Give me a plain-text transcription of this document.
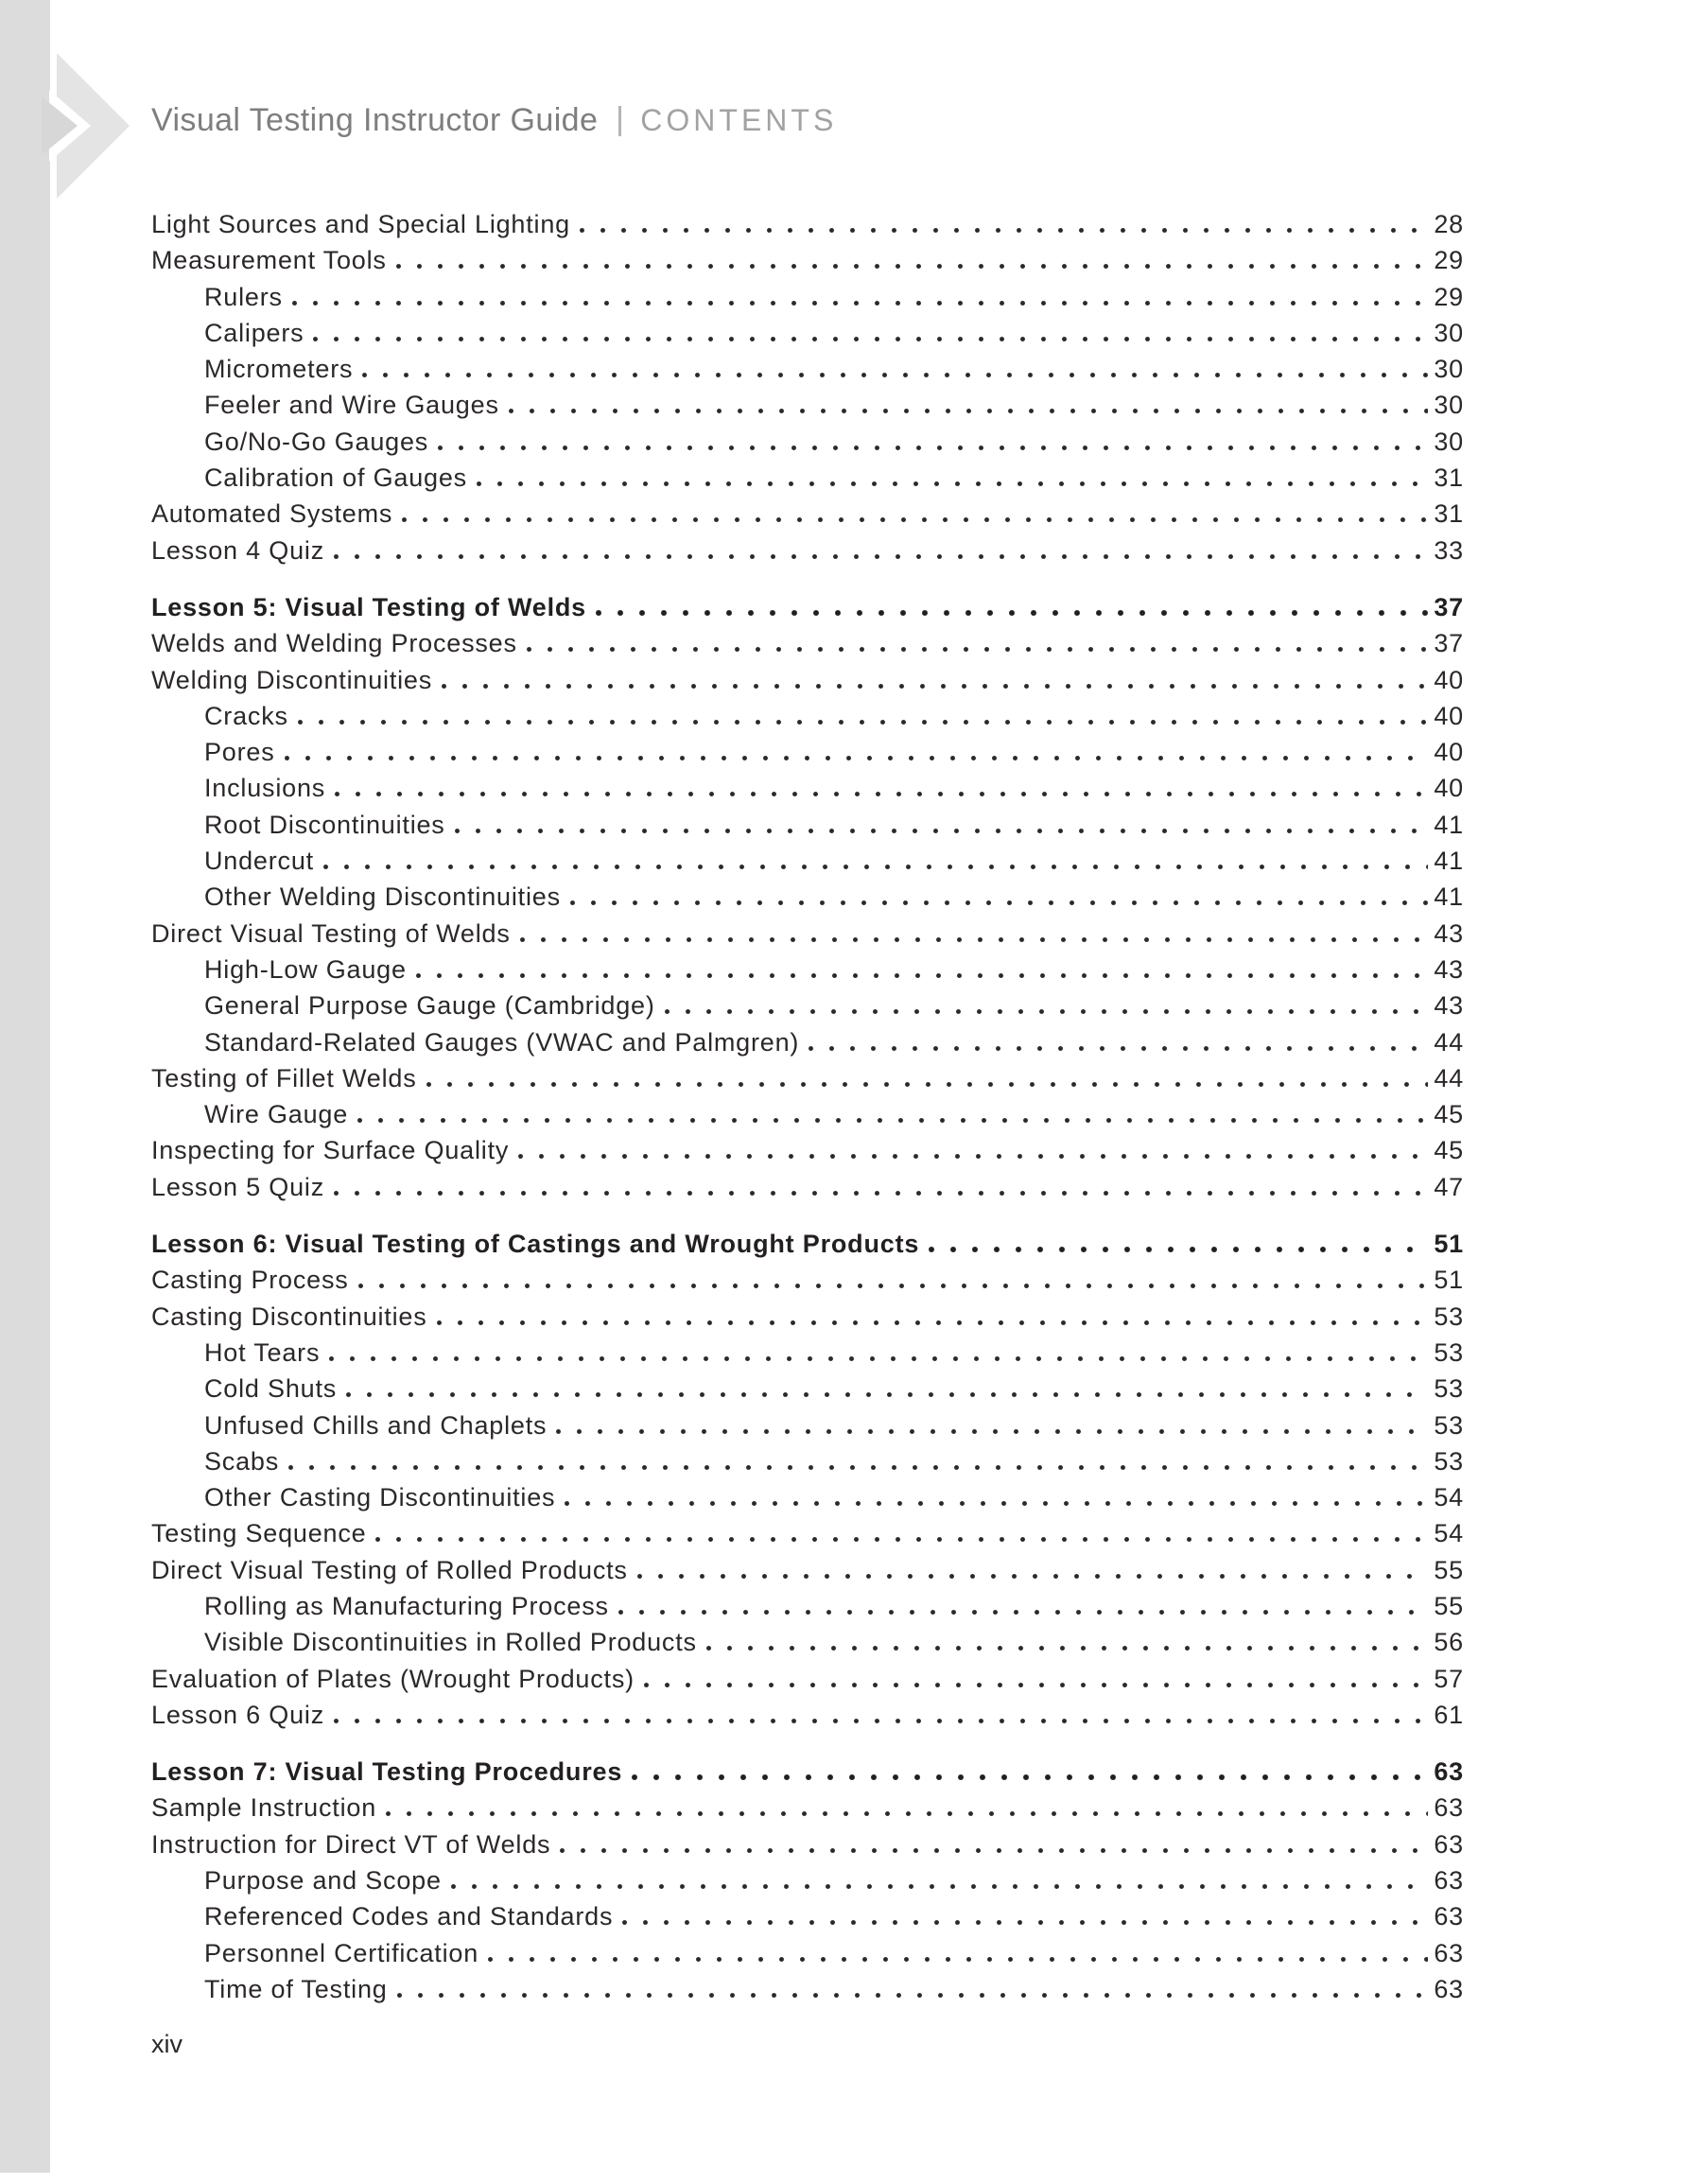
Visual Testing Instructor Guide CONTENTS
Light Sources and Special Lighting	28
Measurement Tools	29
Rulers	29
Calipers	30
Micrometers	30
Feeler and Wire Gauges	30
Go/No-Go Gauges	30
Calibration of Gauges	31
Automated Systems	31
Lesson 4 Quiz	33
Lesson 5: Visual Testing of Welds	37
Welds and Welding Processes	37
Welding Discontinuities	40
Cracks	40
Pores	40
Inclusions	40
Root Discontinuities	41
Undercut	41
Other Welding Discontinuities	41
Direct Visual Testing of Welds	43
High-Low Gauge	43
General Purpose Gauge (Cambridge)	43
Standard-Related Gauges (VWAC and Palmgren)	44
Testing of Fillet Welds	44
Wire Gauge	45
Inspecting for Surface Quality	45
Lesson 5 Quiz	47
Lesson 6: Visual Testing of Castings and Wrought Products	51
Casting Process	51
Casting Discontinuities	53
Hot Tears	53
Cold Shuts	53
Unfused Chills and Chaplets	53
Scabs	53
Other Casting Discontinuities	54
Testing Sequence	54
Direct Visual Testing of Rolled Products	55
Rolling as Manufacturing Process	55
Visible Discontinuities in Rolled Products	56
Evaluation of Plates (Wrought Products)	57
Lesson 6 Quiz	61
Lesson 7: Visual Testing Procedures	63
Sample Instruction	63
Instruction for Direct VT of Welds	63
Purpose and Scope	63
Referenced Codes and Standards	63
Personnel Certification	63
Time of Testing	63
xiv
